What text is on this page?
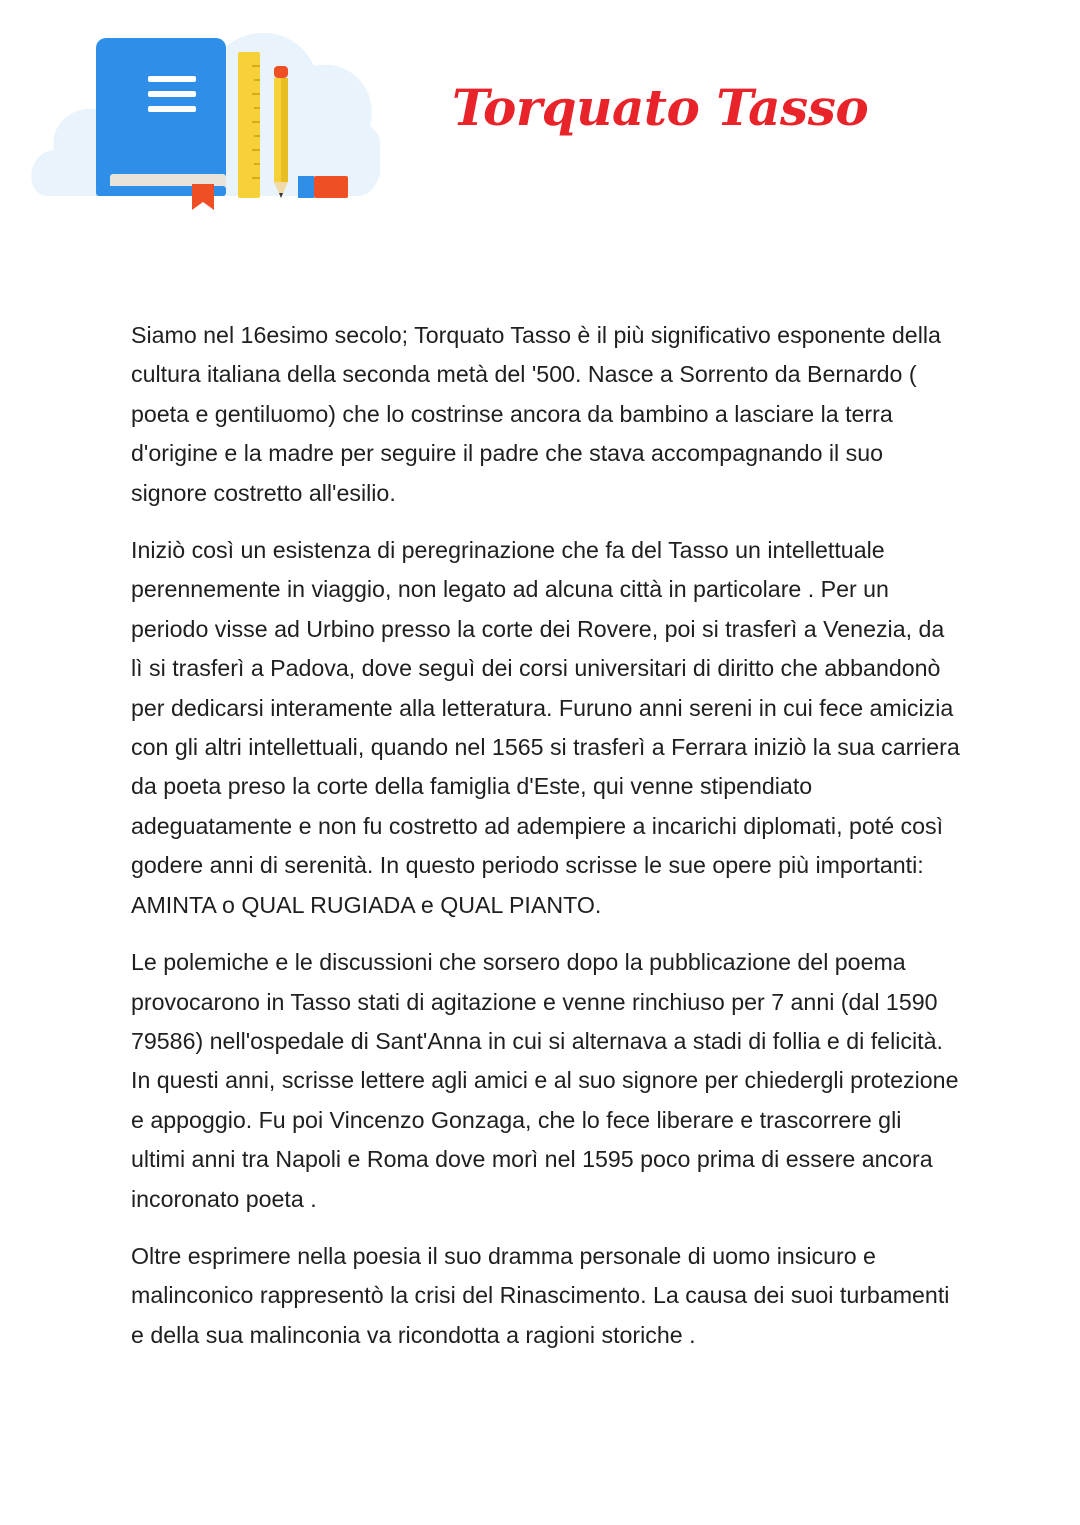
Torquato Tasso

Siamo nel 16esimo secolo; Torquato Tasso è il più significativo esponente della cultura italiana della seconda metà del '500. Nasce a Sorrento da Bernardo ( poeta e gentiluomo) che lo costrinse ancora da bambino a lasciare la terra d'origine e la madre per seguire il padre che stava accompagnando il suo signore costretto all'esilio.

Iniziò così un esistenza di peregrinazione che fa del Tasso un intellettuale perennemente in viaggio, non legato ad alcuna città in particolare . Per un periodo visse ad Urbino presso la corte dei Rovere, poi si trasferì a Venezia, da lì si trasferì a Padova, dove seguì dei corsi universitari di diritto che abbandonò per dedicarsi interamente alla letteratura. Furuno anni sereni in cui fece amicizia con gli altri intellettuali, quando nel 1565 si trasferì a Ferrara iniziò la sua carriera da poeta preso la corte della famiglia d'Este, qui venne stipendiato adeguatamente e non fu costretto ad adempiere a incarichi diplomati, poté così godere anni di serenità. In questo periodo scrisse le sue opere più importanti: AMINTA o QUAL RUGIADA e QUAL PIANTO.

Le polemiche e le discussioni che sorsero dopo la pubblicazione del poema provocarono in Tasso stati di agitazione e venne rinchiuso per 7 anni (dal 1590 79586) nell'ospedale di Sant'Anna in cui si alternava a stadi di follia e di felicità. In questi anni, scrisse lettere agli amici e al suo signore per chiedergli protezione e appoggio. Fu poi Vincenzo Gonzaga, che lo fece liberare e trascorrere gli ultimi anni tra Napoli e Roma dove morì nel 1595 poco prima di essere ancora incoronato poeta .

Oltre esprimere nella poesia il suo dramma personale di uomo insicuro e malinconico rappresentò la crisi del Rinascimento. La causa dei suoi turbamenti e della sua malinconia va ricondotta a ragioni storiche .
